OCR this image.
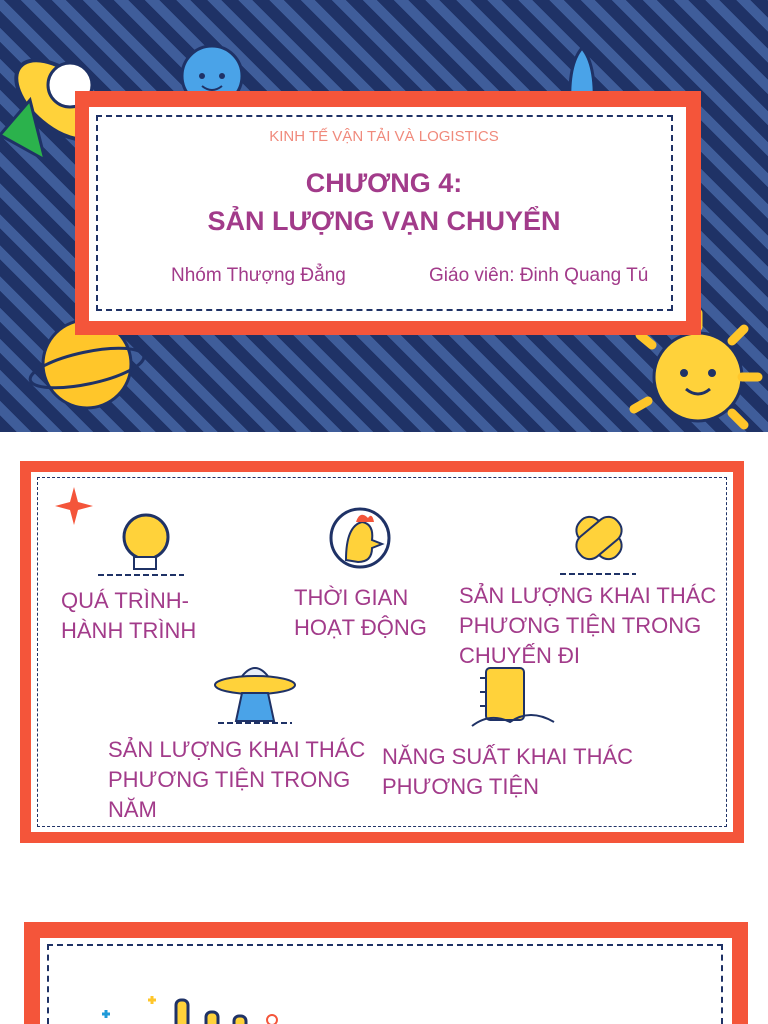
KINH TẾ VẬN TẢI VÀ LOGISTICS
CHƯƠNG 4:
SẢN LƯỢNG VẠN CHUYỂN
Nhóm Thượng Đẳng	Giáo viên: Đinh Quang Tú
QUÁ TRÌNH-
HÀNH TRÌNH
THỜI GIAN
HOẠT ĐỘNG
SẢN LƯỢNG KHAI THÁC
PHƯƠNG TIỆN TRONG
CHUYẾN ĐI
SẢN LƯỢNG KHAI THÁC
PHƯƠNG TIỆN TRONG
NĂM
NĂNG SUẤT KHAI THÁC
PHƯƠNG TIỆN
